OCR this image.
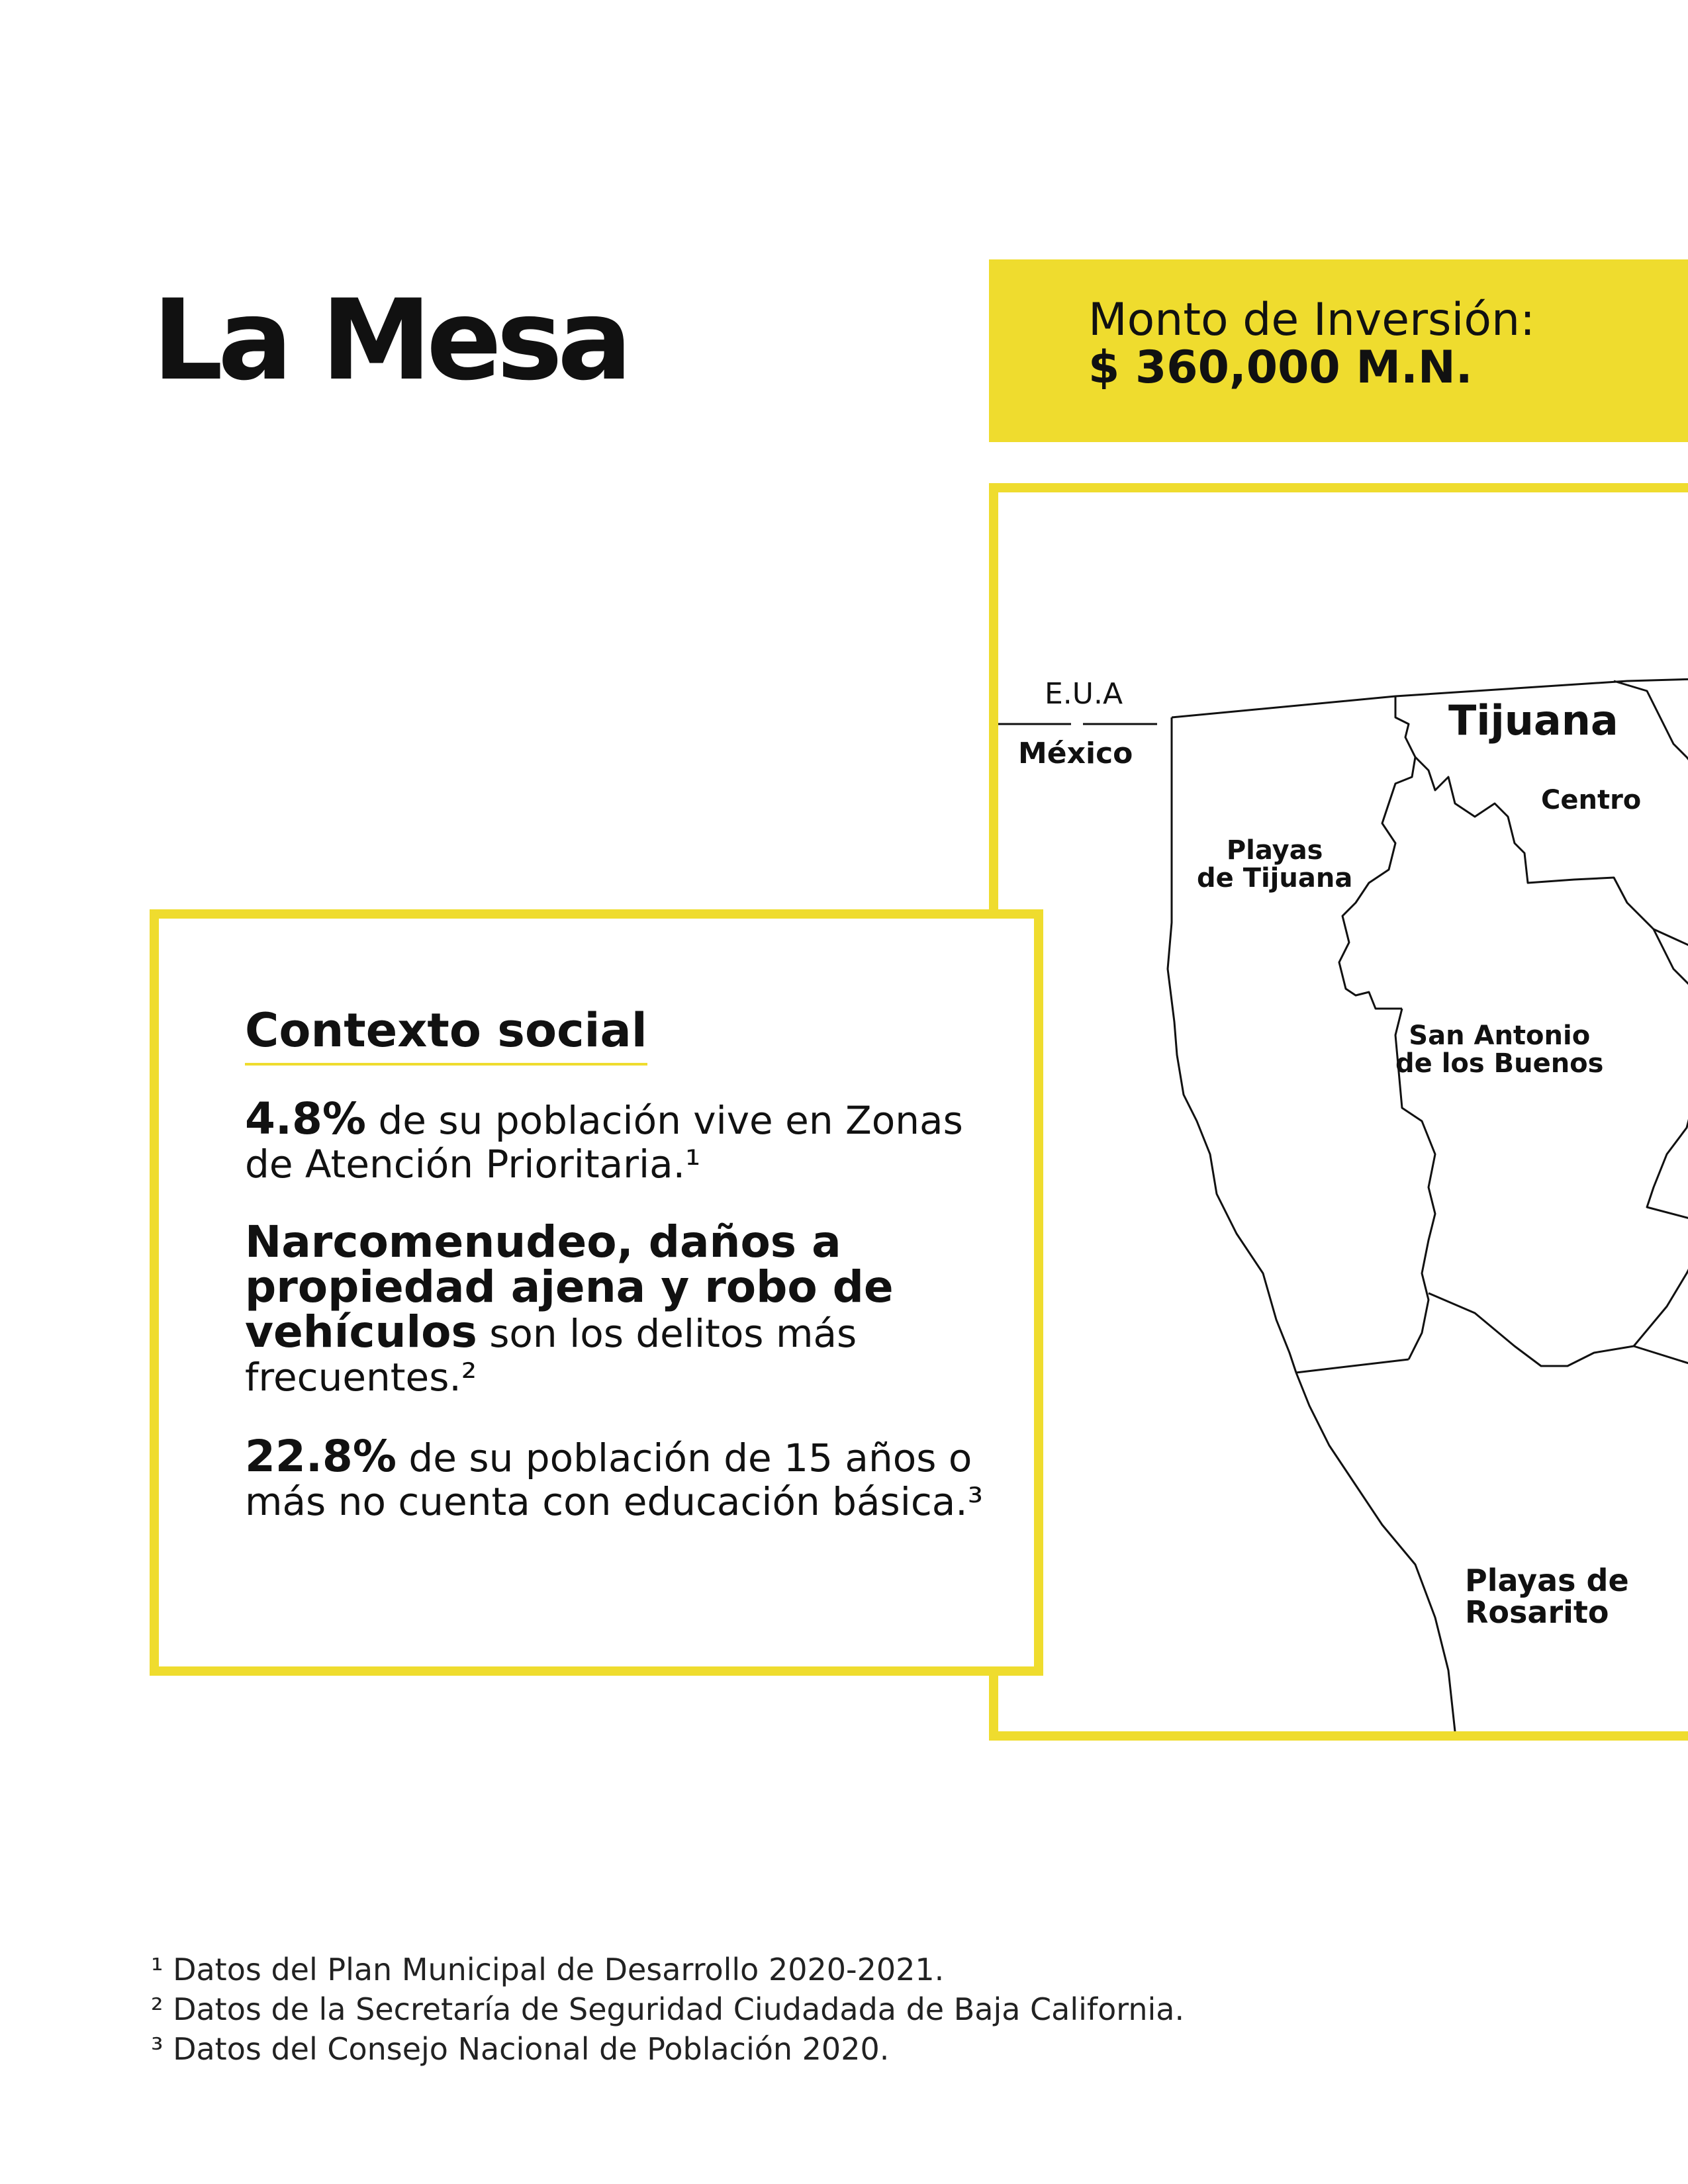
La Mesa	Monto de Inversión:
$ 360,000 M.N.
E.U.A
México
Tijuana
Centro
Playas
de Tijuana
San Antonio
de los Buenos
Playas de
Rosarito
Contexto social
4.8% de su población vive en Zonas de Atención Prioritaria.¹
Narcomenudeo, daños a propiedad ajena y robo de vehículos son los delitos más frecuentes.²
22.8% de su población de 15 años o más no cuenta con educación básica.³
¹ Datos del Plan Municipal de Desarrollo 2020-2021.
² Datos de la Secretaría de Seguridad Ciudadada de Baja California.
³ Datos del Consejo Nacional de Población 2020.
